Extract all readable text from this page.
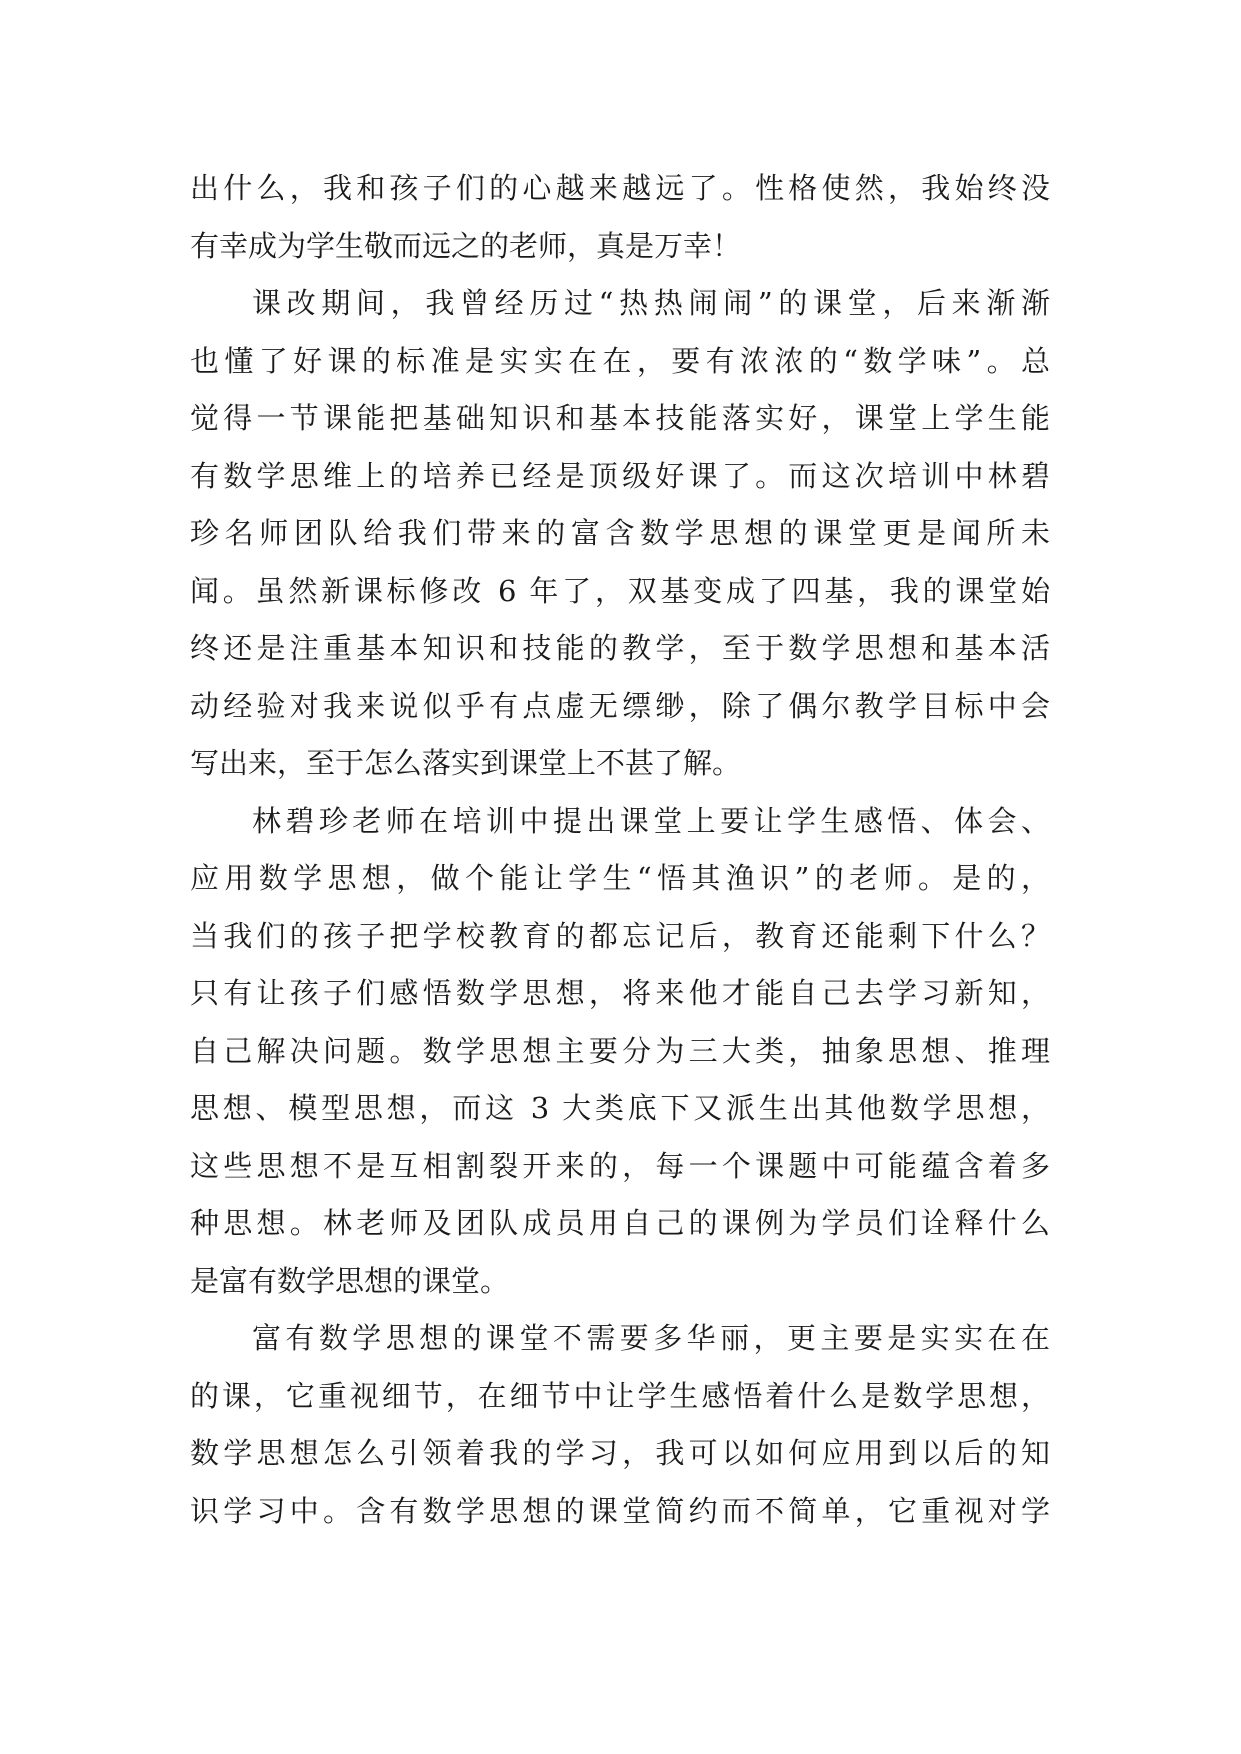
出什么，我和孩子们的心越来越远了。性格使然，我始终没
有幸成为学生敬而远之的老师，真是万幸！
课改期间，我曾经历过“热热闹闹”的课堂，后来渐渐
也懂了好课的标准是实实在在，要有浓浓的“数学味”。总
觉得一节课能把基础知识和基本技能落实好，课堂上学生能
有数学思维上的培养已经是顶级好课了。而这次培训中林碧
珍名师团队给我们带来的富含数学思想的课堂更是闻所未
闻。虽然新课标修改 6 年了，双基变成了四基，我的课堂始
终还是注重基本知识和技能的教学，至于数学思想和基本活
动经验对我来说似乎有点虚无缥缈，除了偶尔教学目标中会
写出来，至于怎么落实到课堂上不甚了解。
林碧珍老师在培训中提出课堂上要让学生感悟、体会、
应用数学思想，做个能让学生“悟其渔识”的老师。是的，
当我们的孩子把学校教育的都忘记后，教育还能剩下什么？
只有让孩子们感悟数学思想，将来他才能自己去学习新知，
自己解决问题。数学思想主要分为三大类，抽象思想、推理
思想、模型思想，而这 3 大类底下又派生出其他数学思想，
这些思想不是互相割裂开来的，每一个课题中可能蕴含着多
种思想。林老师及团队成员用自己的课例为学员们诠释什么
是富有数学思想的课堂。
富有数学思想的课堂不需要多华丽，更主要是实实在在
的课，它重视细节，在细节中让学生感悟着什么是数学思想，
数学思想怎么引领着我的学习，我可以如何应用到以后的知
识学习中。含有数学思想的课堂简约而不简单，它重视对学
